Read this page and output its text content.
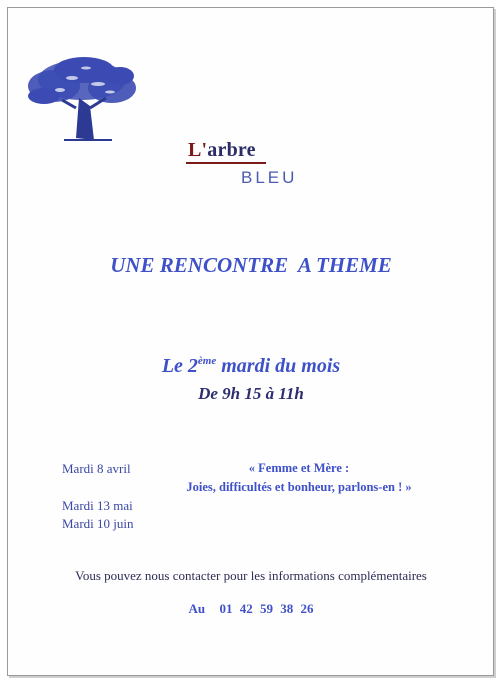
L'arbre
BLEU
UNE RENCONTRE  A THEME
Le 2ème mardi du mois
De 9h 15 à 11h
Mardi 8 avril
Mardi 13 mai
Mardi 10 juin
« Femme et Mère :
Joies, difficultés et bonheur, parlons-en ! »
Vous pouvez nous contacter pour les informations complémentaires
Au  01 42 59 38 26
